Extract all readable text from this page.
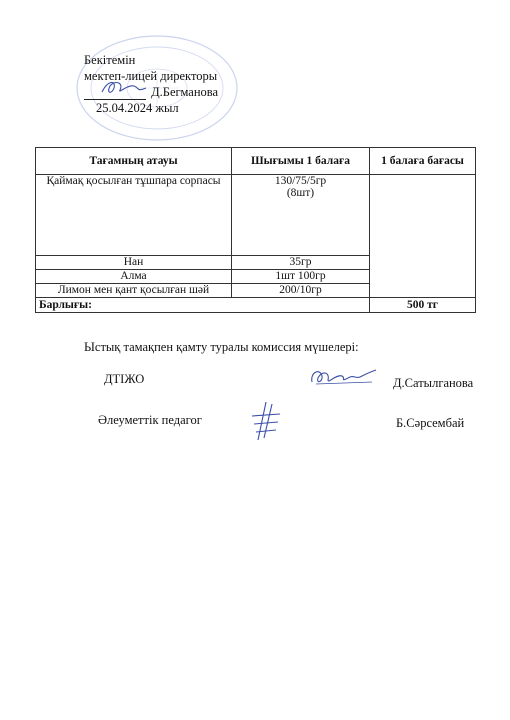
Бекітемін
мектеп-лицей директоры
Д.Бегманова
25.04.2024 жыл
Тағамның атауы	Шығымы 1 балаға	1 балаға бағасы
Қаймақ қосылған тұшпара сорпасы	130/75/5гр
(8шт)	

Нан	35гр	
Алма	1шт 100гр	
Лимон мен қант қосылған шәй	200/10гр	
Барлығы:		500 тг
Ыстық тамақпен қамту туралы комиссия мүшелері:
ДТІЖО	Д.Сатылганова
Әлеуметтік педагог	Б.Сәрсембай
